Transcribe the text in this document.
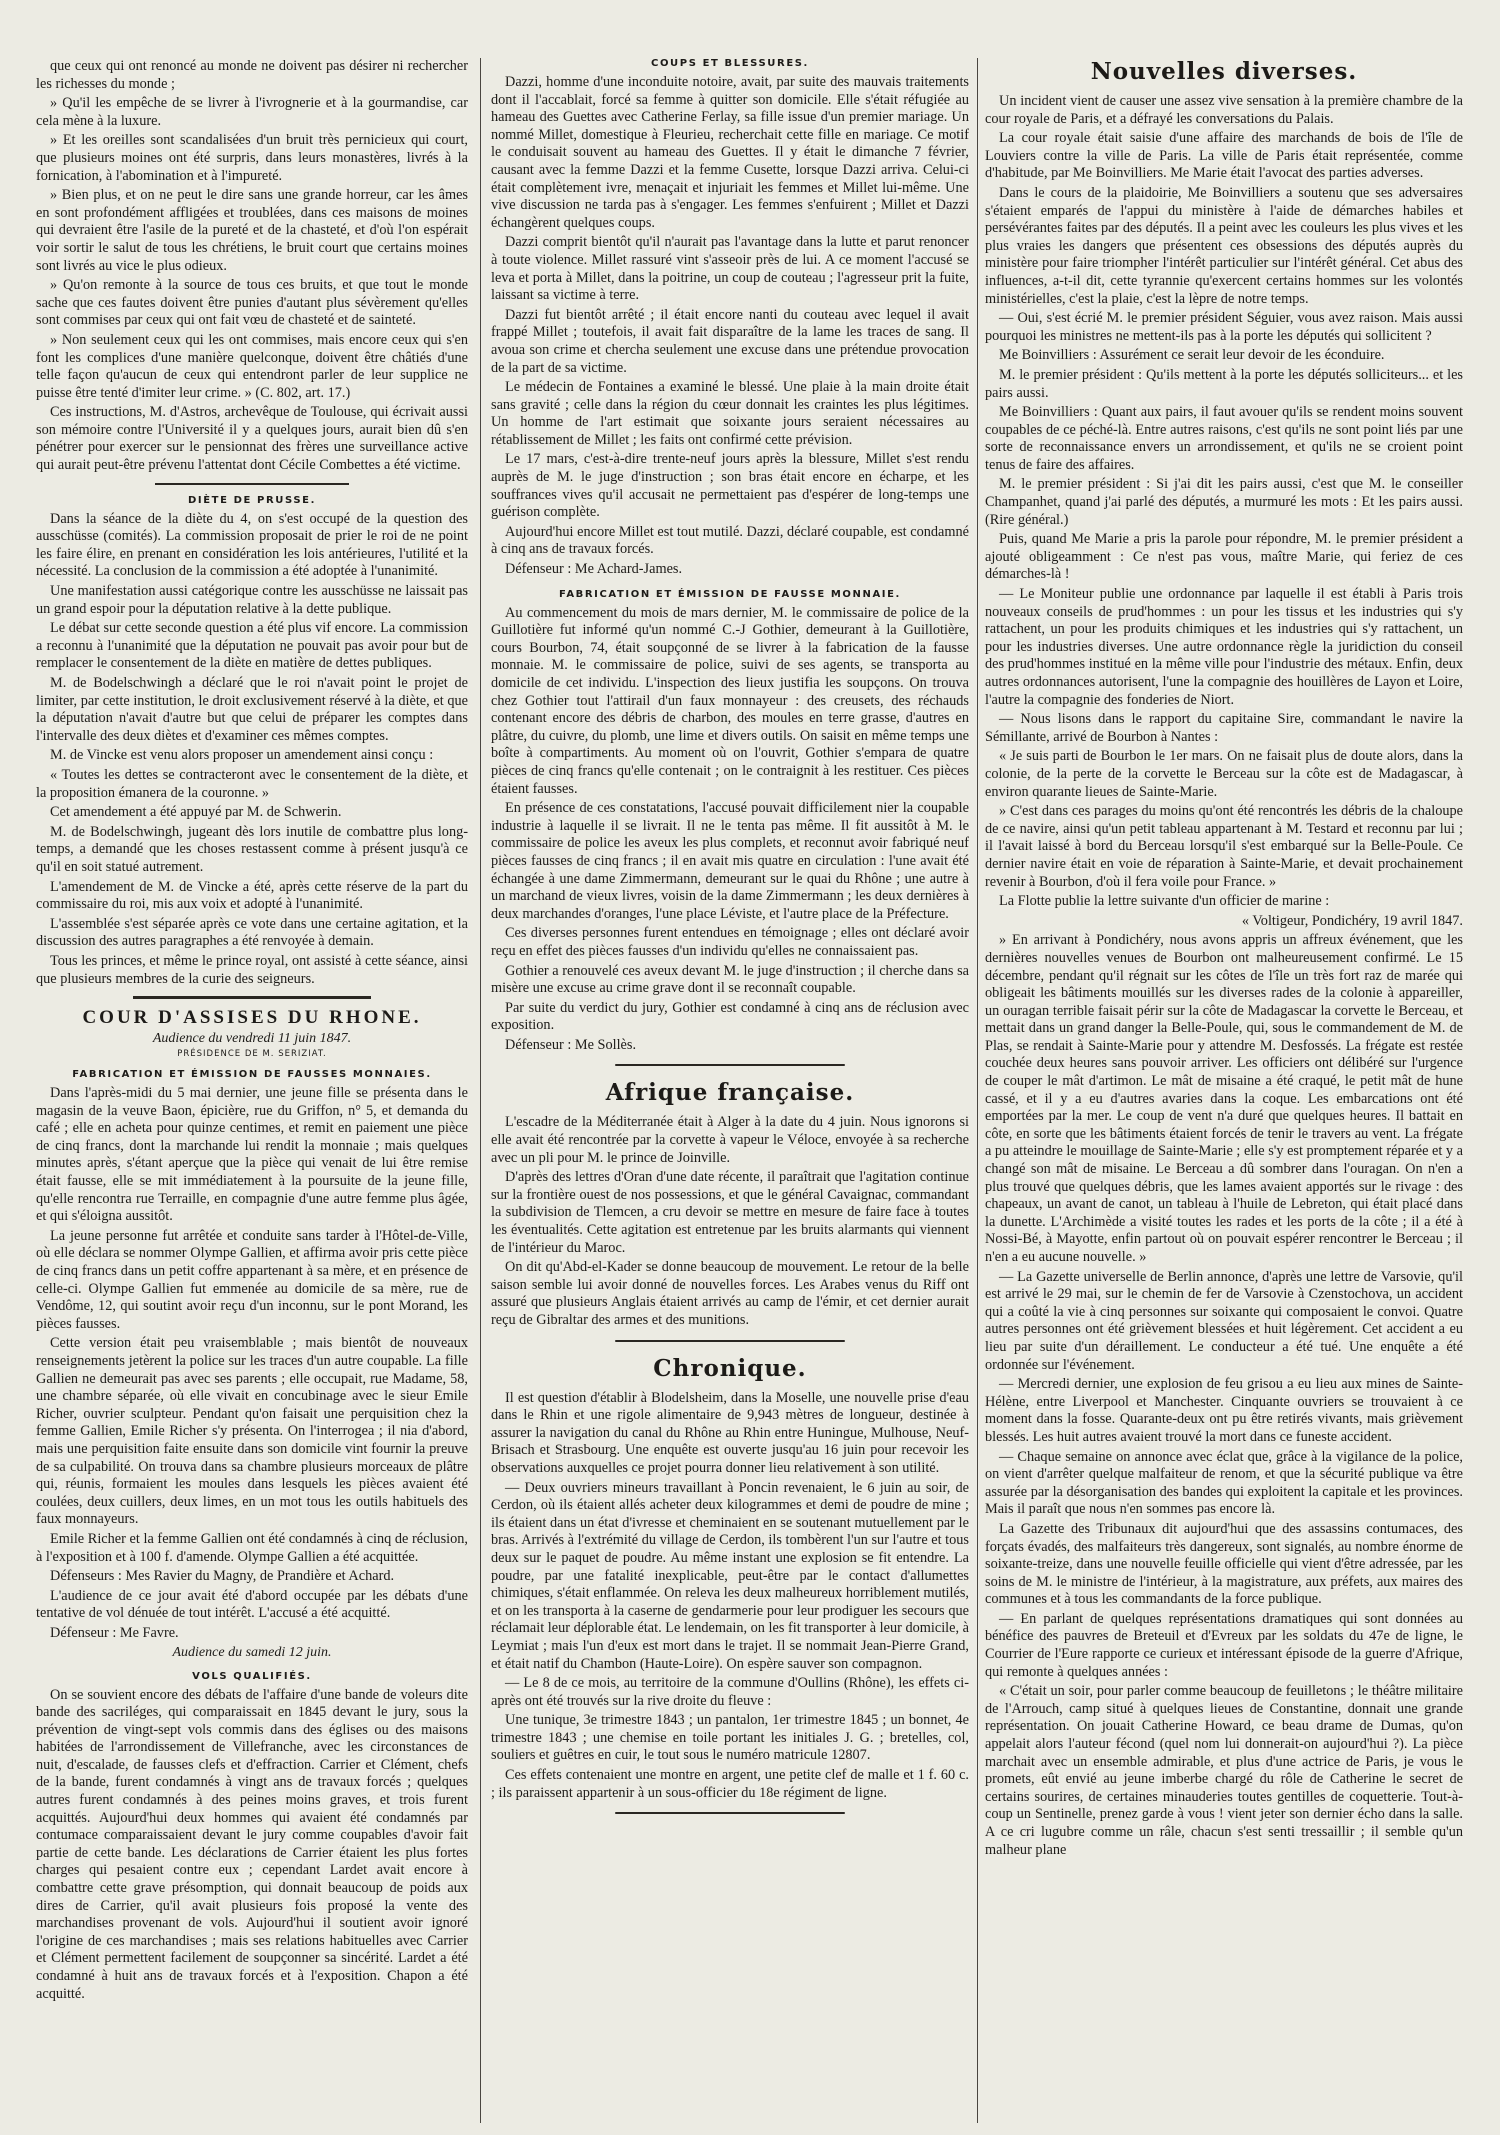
que ceux qui ont renoncé au monde ne doivent pas désirer ni rechercher les richesses du monde ;

» Qu'il les empêche de se livrer à l'ivrognerie et à la gourmandise, car cela mène à la luxure.

» Et les oreilles sont scandalisées d'un bruit très pernicieux qui court, que plusieurs moines ont été surpris, dans leurs monastères, livrés à la fornication, à l'abomination et à l'impureté.

» Bien plus, et on ne peut le dire sans une grande horreur, car les âmes en sont profondément affligées et troublées, dans ces maisons de moines qui devraient être l'asile de la pureté et de la chasteté, et d'où l'on espérait voir sortir le salut de tous les chrétiens, le bruit court que certains moines sont livrés au vice le plus odieux.

» Qu'on remonte à la source de tous ces bruits, et que tout le monde sache que ces fautes doivent être punies d'autant plus sévèrement qu'elles sont commises par ceux qui ont fait vœu de chasteté et de sainteté.

» Non seulement ceux qui les ont commises, mais encore ceux qui s'en font les complices d'une manière quelconque, doivent être châtiés d'une telle façon qu'aucun de ceux qui entendront parler de leur supplice ne puisse être tenté d'imiter leur crime. » (C. 802, art. 17.)

Ces instructions, M. d'Astros, archevêque de Toulouse, qui écrivait aussi son mémoire contre l'Université il y a quelques jours, aurait bien dû s'en pénétrer pour exercer sur le pensionnat des frères une surveillance active qui aurait peut-être prévenu l'attentat dont Cécile Combettes a été victime.

DIÈTE DE PRUSSE.

Dans la séance de la diète du 4, on s'est occupé de la question des ausschüsse (comités). La commission proposait de prier le roi de ne point les faire élire, en prenant en considération les lois antérieures, l'utilité et la nécessité. La conclusion de la commission a été adoptée à l'unanimité.

Une manifestation aussi catégorique contre les ausschüsse ne laissait pas un grand espoir pour la députation relative à la dette publique.

Le débat sur cette seconde question a été plus vif encore. La commission a reconnu à l'unanimité que la députation ne pouvait pas avoir pour but de remplacer le consentement de la diète en matière de dettes publiques.

M. de Bodelschwingh a déclaré que le roi n'avait point le projet de limiter, par cette institution, le droit exclusivement réservé à la diète, et que la députation n'avait d'autre but que celui de préparer les comptes dans l'intervalle des deux diètes et d'examiner ces mêmes comptes.

M. de Vincke est venu alors proposer un amendement ainsi conçu :

« Toutes les dettes se contracteront avec le consentement de la diète, et la proposition émanera de la couronne. »

Cet amendement a été appuyé par M. de Schwerin.

M. de Bodelschwingh, jugeant dès lors inutile de combattre plus long-temps, a demandé que les choses restassent comme à présent jusqu'à ce qu'il en soit statué autrement.

L'amendement de M. de Vincke a été, après cette réserve de la part du commissaire du roi, mis aux voix et adopté à l'unanimité.

L'assemblée s'est séparée après ce vote dans une certaine agitation, et la discussion des autres paragraphes a été renvoyée à demain.

Tous les princes, et même le prince royal, ont assisté à cette séance, ainsi que plusieurs membres de la curie des seigneurs.

COUR D'ASSISES DU RHONE.
Audience du vendredi 11 juin 1847.
PRÉSIDENCE DE M. SERIZIAT.
FABRICATION ET ÉMISSION DE FAUSSES MONNAIES.

Dans l'après-midi du 5 mai dernier, une jeune fille se présenta dans le magasin de la veuve Baon, épicière, rue du Griffon, n° 5, et demanda du café ; elle en acheta pour quinze centimes, et remit en paiement une pièce de cinq francs, dont la marchande lui rendit la monnaie ; mais quelques minutes après, s'étant aperçue que la pièce qui venait de lui être remise était fausse, elle se mit immédiatement à la poursuite de la jeune fille, qu'elle rencontra rue Terraille, en compagnie d'une autre femme plus âgée, et qui s'éloigna aussitôt.

La jeune personne fut arrêtée et conduite sans tarder à l'Hôtel-de-Ville, où elle déclara se nommer Olympe Gallien, et affirma avoir pris cette pièce de cinq francs dans un petit coffre appartenant à sa mère, et en présence de celle-ci. Olympe Gallien fut emmenée au domicile de sa mère, rue de Vendôme, 12, qui soutint avoir reçu d'un inconnu, sur le pont Morand, les pièces fausses.

Cette version était peu vraisemblable ; mais bientôt de nouveaux renseignements jetèrent la police sur les traces d'un autre coupable. La fille Gallien ne demeurait pas avec ses parents ; elle occupait, rue Madame, 58, une chambre séparée, où elle vivait en concubinage avec le sieur Emile Richer, ouvrier sculpteur. Pendant qu'on faisait une perquisition chez la femme Gallien, Emile Richer s'y présenta. On l'interrogea ; il nia d'abord, mais une perquisition faite ensuite dans son domicile vint fournir la preuve de sa culpabilité. On trouva dans sa chambre plusieurs morceaux de plâtre qui, réunis, formaient les moules dans lesquels les pièces avaient été coulées, deux cuillers, deux limes, en un mot tous les outils habituels des faux monnayeurs.

Emile Richer et la femme Gallien ont été condamnés à cinq de réclusion, à l'exposition et à 100 f. d'amende. Olympe Gallien a été acquittée.

Défenseurs : Mes Ravier du Magny, de Prandière et Achard.

L'audience de ce jour avait été d'abord occupée par les débats d'une tentative de vol dénuée de tout intérêt. L'accusé a été acquitté.

Défenseur : Me Favre.

Audience du samedi 12 juin.
VOLS QUALIFIÉS.

On se souvient encore des débats de l'affaire d'une bande de voleurs dite bande des sacriléges, qui comparaissait en 1845 devant le jury, sous la prévention de vingt-sept vols commis dans des églises ou des maisons habitées de l'arrondissement de Villefranche, avec les circonstances de nuit, d'escalade, de fausses clefs et d'effraction. Carrier et Clément, chefs de la bande, furent condamnés à vingt ans de travaux forcés ; quelques autres furent condamnés à des peines moins graves, et trois furent acquittés. Aujourd'hui deux hommes qui avaient été condamnés par contumace comparaissaient devant le jury comme coupables d'avoir fait partie de cette bande. Les déclarations de Carrier étaient les plus fortes charges qui pesaient contre eux ; cependant Lardet avait encore à combattre cette grave présomption, qui donnait beaucoup de poids aux dires de Carrier, qu'il avait plusieurs fois proposé la vente des marchandises provenant de vols. Aujourd'hui il soutient avoir ignoré l'origine de ces marchandises ; mais ses relations habituelles avec Carrier et Clément permettent facilement de soupçonner sa sincérité. Lardet a été condamné à huit ans de travaux forcés et à l'exposition. Chapon a été acquitté.

COUPS ET BLESSURES.

Dazzi, homme d'une inconduite notoire, avait, par suite des mauvais traitements dont il l'accablait, forcé sa femme à quitter son domicile. Elle s'était réfugiée au hameau des Guettes avec Catherine Ferlay, sa fille issue d'un premier mariage. Un nommé Millet, domestique à Fleurieu, recherchait cette fille en mariage. Ce motif le conduisait souvent au hameau des Guettes. Il y était le dimanche 7 février, causant avec la femme Dazzi et la femme Cusette, lorsque Dazzi arriva. Celui-ci était complètement ivre, menaçait et injuriait les femmes et Millet lui-même. Une vive discussion ne tarda pas à s'engager. Les femmes s'enfuirent ; Millet et Dazzi échangèrent quelques coups.

Dazzi comprit bientôt qu'il n'aurait pas l'avantage dans la lutte et parut renoncer à toute violence. Millet rassuré vint s'asseoir près de lui. A ce moment l'accusé se leva et porta à Millet, dans la poitrine, un coup de couteau ; l'agresseur prit la fuite, laissant sa victime à terre.

Dazzi fut bientôt arrêté ; il était encore nanti du couteau avec lequel il avait frappé Millet ; toutefois, il avait fait disparaître de la lame les traces de sang. Il avoua son crime et chercha seulement une excuse dans une prétendue provocation de la part de sa victime.

Le médecin de Fontaines a examiné le blessé. Une plaie à la main droite était sans gravité ; celle dans la région du cœur donnait les craintes les plus légitimes. Un homme de l'art estimait que soixante jours seraient nécessaires au rétablissement de Millet ; les faits ont confirmé cette prévision.

Le 17 mars, c'est-à-dire trente-neuf jours après la blessure, Millet s'est rendu auprès de M. le juge d'instruction ; son bras était encore en écharpe, et les souffrances vives qu'il accusait ne permettaient pas d'espérer de long-temps une guérison complète.

Aujourd'hui encore Millet est tout mutilé. Dazzi, déclaré coupable, est condamné à cinq ans de travaux forcés.

Défenseur : Me Achard-James.

FABRICATION ET ÉMISSION DE FAUSSE MONNAIE.

Au commencement du mois de mars dernier, M. le commissaire de police de la Guillotière fut informé qu'un nommé C.-J Gothier, demeurant à la Guillotière, cours Bourbon, 74, était soupçonné de se livrer à la fabrication de la fausse monnaie. M. le commissaire de police, suivi de ses agents, se transporta au domicile de cet individu. L'inspection des lieux justifia les soupçons. On trouva chez Gothier tout l'attirail d'un faux monnayeur : des creusets, des réchauds contenant encore des débris de charbon, des moules en terre grasse, d'autres en plâtre, du cuivre, du plomb, une lime et divers outils. On saisit en même temps une boîte à compartiments. Au moment où on l'ouvrit, Gothier s'empara de quatre pièces de cinq francs qu'elle contenait ; on le contraignit à les restituer. Ces pièces étaient fausses.

En présence de ces constatations, l'accusé pouvait difficilement nier la coupable industrie à laquelle il se livrait. Il ne le tenta pas même. Il fit aussitôt à M. le commissaire de police les aveux les plus complets, et reconnut avoir fabriqué neuf pièces fausses de cinq francs ; il en avait mis quatre en circulation : l'une avait été échangée à une dame Zimmermann, demeurant sur le quai du Rhône ; une autre à un marchand de vieux livres, voisin de la dame Zimmermann ; les deux dernières à deux marchandes d'oranges, l'une place Léviste, et l'autre place de la Préfecture.

Ces diverses personnes furent entendues en témoignage ; elles ont déclaré avoir reçu en effet des pièces fausses d'un individu qu'elles ne connaissaient pas.

Gothier a renouvelé ces aveux devant M. le juge d'instruction ; il cherche dans sa misère une excuse au crime grave dont il se reconnaît coupable.

Par suite du verdict du jury, Gothier est condamné à cinq ans de réclusion avec exposition.

Défenseur : Me Sollès.

Afrique française.

L'escadre de la Méditerranée était à Alger à la date du 4 juin. Nous ignorons si elle avait été rencontrée par la corvette à vapeur le Véloce, envoyée à sa recherche avec un pli pour M. le prince de Joinville.

D'après des lettres d'Oran d'une date récente, il paraîtrait que l'agitation continue sur la frontière ouest de nos possessions, et que le général Cavaignac, commandant la subdivision de Tlemcen, a cru devoir se mettre en mesure de faire face à toutes les éventualités. Cette agitation est entretenue par les bruits alarmants qui viennent de l'intérieur du Maroc.

On dit qu'Abd-el-Kader se donne beaucoup de mouvement. Le retour de la belle saison semble lui avoir donné de nouvelles forces. Les Arabes venus du Riff ont assuré que plusieurs Anglais étaient arrivés au camp de l'émir, et cet dernier aurait reçu de Gibraltar des armes et des munitions.

Chronique.

Il est question d'établir à Blodelsheim, dans la Moselle, une nouvelle prise d'eau dans le Rhin et une rigole alimentaire de 9,943 mètres de longueur, destinée à assurer la navigation du canal du Rhône au Rhin entre Huningue, Mulhouse, Neuf-Brisach et Strasbourg. Une enquête est ouverte jusqu'au 16 juin pour recevoir les observations auxquelles ce projet pourra donner lieu relativement à son utilité.

— Deux ouvriers mineurs travaillant à Poncin revenaient, le 6 juin au soir, de Cerdon, où ils étaient allés acheter deux kilogrammes et demi de poudre de mine ; ils étaient dans un état d'ivresse et cheminaient en se soutenant mutuellement par le bras. Arrivés à l'extrémité du village de Cerdon, ils tombèrent l'un sur l'autre et tous deux sur le paquet de poudre. Au même instant une explosion se fit entendre. La poudre, par une fatalité inexplicable, peut-être par le contact d'allumettes chimiques, s'était enflammée. On releva les deux malheureux horriblement mutilés, et on les transporta à la caserne de gendarmerie pour leur prodiguer les secours que réclamait leur déplorable état. Le lendemain, on les fit transporter à leur domicile, à Leymiat ; mais l'un d'eux est mort dans le trajet. Il se nommait Jean-Pierre Grand, et était natif du Chambon (Haute-Loire). On espère sauver son compagnon.

— Le 8 de ce mois, au territoire de la commune d'Oullins (Rhône), les effets ci-après ont été trouvés sur la rive droite du fleuve :

Une tunique, 3e trimestre 1843 ; un pantalon, 1er trimestre 1845 ; un bonnet, 4e trimestre 1843 ; une chemise en toile portant les initiales J. G. ; bretelles, col, souliers et guêtres en cuir, le tout sous le numéro matricule 12807.

Ces effets contenaient une montre en argent, une petite clef de malle et 1 f. 60 c. ; ils paraissent appartenir à un sous-officier du 18e régiment de ligne.

Nouvelles diverses.

Un incident vient de causer une assez vive sensation à la première chambre de la cour royale de Paris, et a défrayé les conversations du Palais.

La cour royale était saisie d'une affaire des marchands de bois de l'île de Louviers contre la ville de Paris. La ville de Paris était représentée, comme d'habitude, par Me Boinvilliers. Me Marie était l'avocat des parties adverses.

Dans le cours de la plaidoirie, Me Boinvilliers a soutenu que ses adversaires s'étaient emparés de l'appui du ministère à l'aide de démarches habiles et persévérantes faites par des députés. Il a peint avec les couleurs les plus vives et les plus vraies les dangers que présentent ces obsessions des députés auprès du ministère pour faire triompher l'intérêt particulier sur l'intérêt général. Cet abus des influences, a-t-il dit, cette tyrannie qu'exercent certains hommes sur les volontés ministérielles, c'est la plaie, c'est la lèpre de notre temps.

— Oui, s'est écrié M. le premier président Séguier, vous avez raison. Mais aussi pourquoi les ministres ne mettent-ils pas à la porte les députés qui sollicitent ?

Me Boinvilliers : Assurément ce serait leur devoir de les éconduire.

M. le premier président : Qu'ils mettent à la porte les députés solliciteurs... et les pairs aussi.

Me Boinvilliers : Quant aux pairs, il faut avouer qu'ils se rendent moins souvent coupables de ce péché-là. Entre autres raisons, c'est qu'ils ne sont point liés par une sorte de reconnaissance envers un arrondissement, et qu'ils ne se croient point tenus de faire des affaires.

M. le premier président : Si j'ai dit les pairs aussi, c'est que M. le conseiller Champanhet, quand j'ai parlé des députés, a murmuré les mots : Et les pairs aussi. (Rire général.)

Puis, quand Me Marie a pris la parole pour répondre, M. le premier président a ajouté obligeamment : Ce n'est pas vous, maître Marie, qui feriez de ces démarches-là !

— Le Moniteur publie une ordonnance par laquelle il est établi à Paris trois nouveaux conseils de prud'hommes : un pour les tissus et les industries qui s'y rattachent, un pour les produits chimiques et les industries qui s'y rattachent, un pour les industries diverses. Une autre ordonnance règle la juridiction du conseil des prud'hommes institué en la même ville pour l'industrie des métaux. Enfin, deux autres ordonnances autorisent, l'une la compagnie des houillères de Layon et Loire, l'autre la compagnie des fonderies de Niort.

— Nous lisons dans le rapport du capitaine Sire, commandant le navire la Sémillante, arrivé de Bourbon à Nantes :

« Je suis parti de Bourbon le 1er mars. On ne faisait plus de doute alors, dans la colonie, de la perte de la corvette le Berceau sur la côte est de Madagascar, à environ quarante lieues de Sainte-Marie.

» C'est dans ces parages du moins qu'ont été rencontrés les débris de la chaloupe de ce navire, ainsi qu'un petit tableau appartenant à M. Testard et reconnu par lui ; il l'avait laissé à bord du Berceau lorsqu'il s'est embarqué sur la Belle-Poule. Ce dernier navire était en voie de réparation à Sainte-Marie, et devait prochainement revenir à Bourbon, d'où il fera voile pour France. »

La Flotte publie la lettre suivante d'un officier de marine :

« Voltigeur, Pondichéry, 19 avril 1847.

» En arrivant à Pondichéry, nous avons appris un affreux événement, que les dernières nouvelles venues de Bourbon ont malheureusement confirmé. Le 15 décembre, pendant qu'il régnait sur les côtes de l'île un très fort raz de marée qui obligeait les bâtiments mouillés sur les diverses rades de la colonie à appareiller, un ouragan terrible faisait périr sur la côte de Madagascar la corvette le Berceau, et mettait dans un grand danger la Belle-Poule, qui, sous le commandement de M. de Plas, se rendait à Sainte-Marie pour y attendre M. Desfossés. La frégate est restée couchée deux heures sans pouvoir arriver. Les officiers ont délibéré sur l'urgence de couper le mât d'artimon. Le mât de misaine a été craqué, le petit mât de hune cassé, et il y a eu d'autres avaries dans la coque. Les embarcations ont été emportées par la mer. Le coup de vent n'a duré que quelques heures. Il battait en côte, en sorte que les bâtiments étaient forcés de tenir le travers au vent. La frégate a pu atteindre le mouillage de Sainte-Marie ; elle s'y est promptement réparée et y a changé son mât de misaine. Le Berceau a dû sombrer dans l'ouragan. On n'en a plus trouvé que quelques débris, que les lames avaient apportés sur le rivage : des chapeaux, un avant de canot, un tableau à l'huile de Lebreton, qui était placé dans la dunette. L'Archimède a visité toutes les rades et les ports de la côte ; il a été à Nossi-Bé, à Mayotte, enfin partout où on pouvait espérer rencontrer le Berceau ; il n'en a eu aucune nouvelle. »

— La Gazette universelle de Berlin annonce, d'après une lettre de Varsovie, qu'il est arrivé le 29 mai, sur le chemin de fer de Varsovie à Czenstochova, un accident qui a coûté la vie à cinq personnes sur soixante qui composaient le convoi. Quatre autres personnes ont été grièvement blessées et huit légèrement. Cet accident a eu lieu par suite d'un déraillement. Le conducteur a été tué. Une enquête a été ordonnée sur l'événement.

— Mercredi dernier, une explosion de feu grisou a eu lieu aux mines de Sainte-Hélène, entre Liverpool et Manchester. Cinquante ouvriers se trouvaient à ce moment dans la fosse. Quarante-deux ont pu être retirés vivants, mais grièvement blessés. Les huit autres avaient trouvé la mort dans ce funeste accident.

— Chaque semaine on annonce avec éclat que, grâce à la vigilance de la police, on vient d'arrêter quelque malfaiteur de renom, et que la sécurité publique va être assurée par la désorganisation des bandes qui exploitent la capitale et les provinces. Mais il paraît que nous n'en sommes pas encore là.

La Gazette des Tribunaux dit aujourd'hui que des assassins contumaces, des forçats évadés, des malfaiteurs très dangereux, sont signalés, au nombre énorme de soixante-treize, dans une nouvelle feuille officielle qui vient d'être adressée, par les soins de M. le ministre de l'intérieur, à la magistrature, aux préfets, aux maires des communes et à tous les commandants de la force publique.

— En parlant de quelques représentations dramatiques qui sont données au bénéfice des pauvres de Breteuil et d'Evreux par les soldats du 47e de ligne, le Courrier de l'Eure rapporte ce curieux et intéressant épisode de la guerre d'Afrique, qui remonte à quelques années :

« C'était un soir, pour parler comme beaucoup de feuilletons ; le théâtre militaire de l'Arrouch, camp situé à quelques lieues de Constantine, donnait une grande représentation. On jouait Catherine Howard, ce beau drame de Dumas, qu'on appelait alors l'auteur fécond (quel nom lui donnerait-on aujourd'hui ?). La pièce marchait avec un ensemble admirable, et plus d'une actrice de Paris, je vous le promets, eût envié au jeune imberbe chargé du rôle de Catherine le secret de certains sourires, de certaines minauderies toutes gentilles de coquetterie. Tout-à-coup un Sentinelle, prenez garde à vous ! vient jeter son dernier écho dans la salle. A ce cri lugubre comme un râle, chacun s'est senti tressaillir ; il semble qu'un malheur plane
